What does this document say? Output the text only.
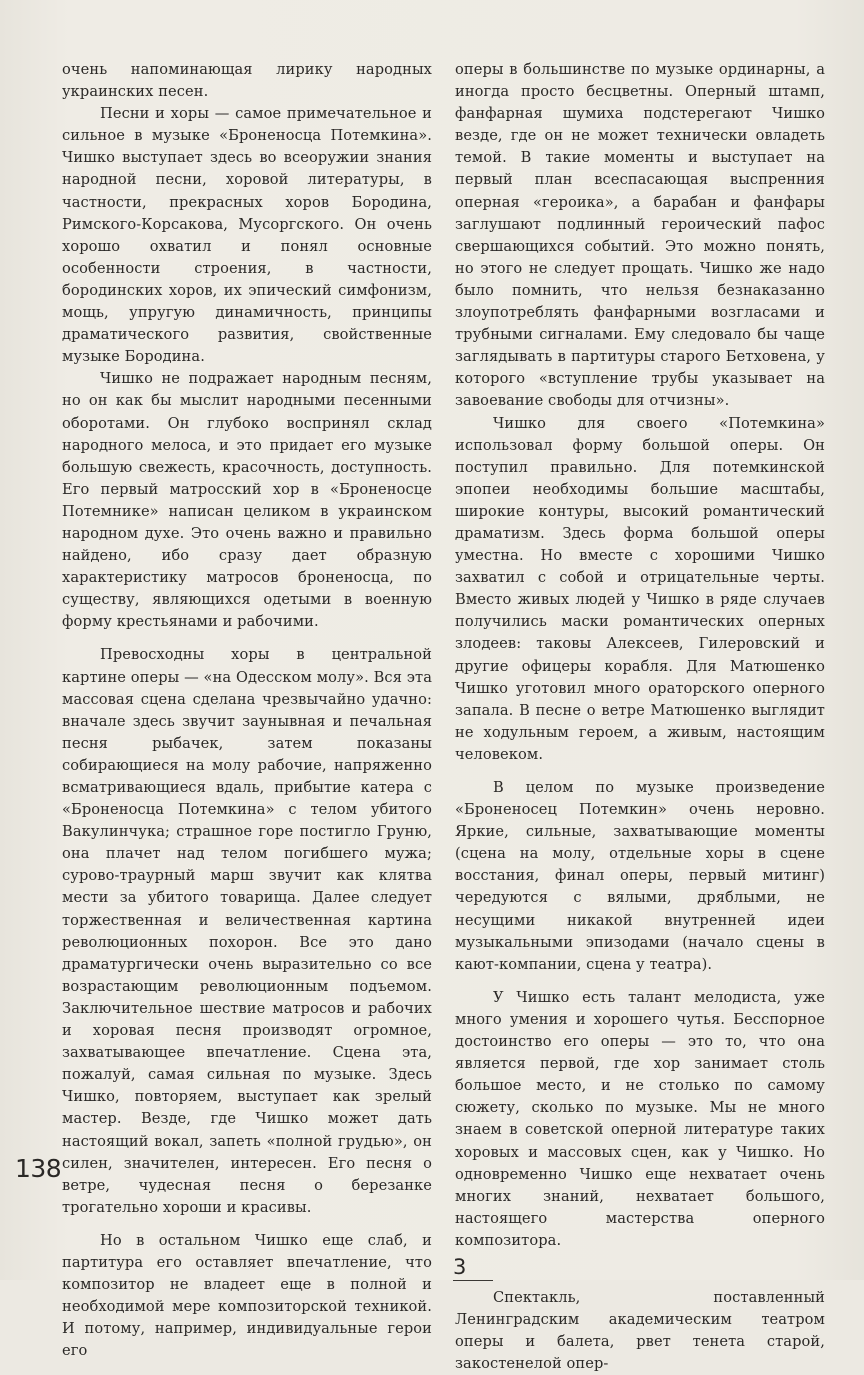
очень напоминающая лирику народных украинских песен.

Песни и хоры — самое примечательное и сильное в музыке «Броненосца Потемкина». Чишко выступает здесь во всеоружии знания народной песни, хоровой литературы, в частности, прекрасных хоров Бородина, Римского-Корсакова, Мусоргского. Он очень хорошо охватил и понял основные особенности строения, в частности, бородинских хоров, их эпический симфонизм, мощь, упругую динамичность, принципы драматического развития, свойственные музыке Бородина.

Чишко не подражает народным песням, но он как бы мыслит народными песенными оборотами. Он глубоко воспринял склад народного мелоса, и это придает его музыке большую свежесть, красочность, доступность. Его первый матросский хор в «Броненосце Потемнике» написан целиком в украинском народном духе. Это очень важно и правильно найдено, ибо сразу дает образную характеристику матросов броненосца, по существу, являющихся одетыми в военную форму крестьянами и рабочими.

Превосходны хоры в центральной картине оперы — «на Одесском молу». Вся эта массовая сцена сделана чрезвычайно удачно: вначале здесь звучит заунывная и печальная песня рыбачек, затем показаны собирающиеся на молу рабочие, напряженно всматривающиеся вдаль, прибытие катера с «Броненосца Потемкина» с телом убитого Вакулинчука; страшное горе постигло Груню, она плачет над телом погибшего мужа; сурово-траурный марш звучит как клятва мести за убитого товарища. Далее следует торжественная и величественная картина революционных похорон. Все это дано драматургически очень выразительно со все возрастающим революционным подъемом. Заключительное шествие матросов и рабочих и хоровая песня производят огромное, захватывающее впечатление. Сцена эта, пожалуй, самая сильная по музыке. Здесь Чишко, повторяем, выступает как зрелый мастер. Везде, где Чишко может дать настоящий вокал, запеть «полной грудью», он силен, значителен, интересен. Его песня о ветре, чудесная песня о березанке трогательно хороши и красивы.

Но в остальном Чишко еще слаб, и партитура его оставляет впечатление, что композитор не владеет еще в полной и необходимой мере композиторской техникой. И потому, например, индивидуальные герои его

оперы в большинстве по музыке ординарны, а иногда просто бесцветны. Оперный штамп, фанфарная шумиха подстерегают Чишко везде, где он не может технически овладеть темой. В такие моменты и выступает на первый план всеспасающая выспренния оперная «героика», а барабан и фанфары заглушают подлинный героический пафос свершающихся событий. Это можно понять, но этого не следует прощать. Чишко же надо было помнить, что нельзя безнаказанно злоупотреблять фанфарными возгласами и трубными сигналами. Ему следовало бы чаще заглядывать в партитуры старого Бетховена, у которого «вступление трубы указывает на завоевание свободы для отчизны».

Чишко для своего «Потемкина» использовал форму большой оперы. Он поступил правильно. Для потемкинской эпопеи необходимы большие масштабы, широкие контуры, высокий романтический драматизм. Здесь форма большой оперы уместна. Но вместе с хорошими Чишко захватил с собой и отрицательные черты. Вместо живых людей у Чишко в ряде случаев получились маски романтических оперных злодеев: таковы Алексеев, Гилеровский и другие офицеры корабля. Для Матюшенко Чишко уготовил много ораторского оперного запала. В песне о ветре Матюшенко выглядит не ходульным героем, а живым, настоящим человеком.

В целом по музыке произведение «Броненосец Потемкин» очень неровно. Яркие, сильные, захватывающие моменты (сцена на молу, отдельные хоры в сцене восстания, финал оперы, первый митинг) чередуются с вялыми, дряблыми, не несущими никакой внутренней идеи музыкальными эпизодами (начало сцены в кают-компании, сцена у театра).

У Чишко есть талант мелодиста, уже много умения и хорошего чутья. Бесспорное достоинство его оперы — это то, что она является первой, где хор занимает столь большое место, и не столько по самому сюжету, сколько по музыке. Мы не много знаем в советской оперной литературе таких хоровых и массовых сцен, как у Чишко. Но одновременно Чишко еще нехватает очень многих знаний, нехватает большого, настоящего мастерства оперного композитора.

3

Спектакль, поставленный Ленинградским академическим театром оперы и балета, рвет тенета старой, закостенелой опер-

138
